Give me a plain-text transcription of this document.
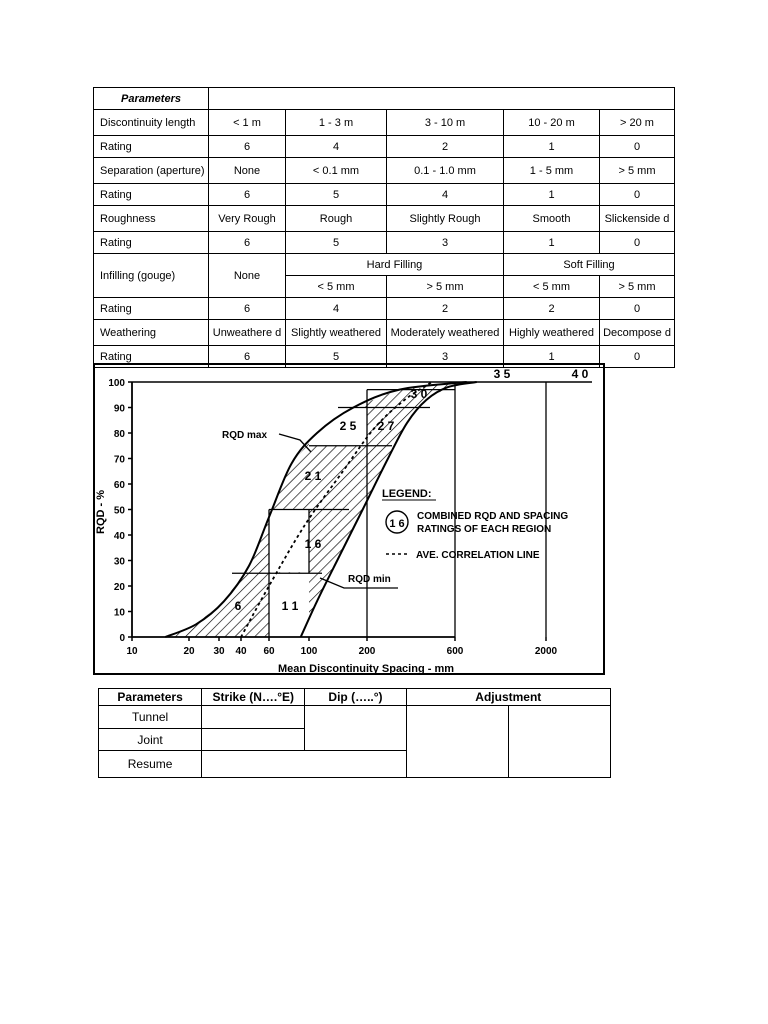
Parameters					
Discontinuity length	< 1 m	1 - 3 m	3 - 10 m	10 - 20 m	> 20 m
Rating	6	4	2	1	0
Separation (aperture)	None	< 0.1 mm	0.1 - 1.0 mm	1 - 5 mm	> 5 mm
Rating	6	5	4	1	0
Roughness	Very Rough	Rough	Slightly Rough	Smooth	Slickenside d
Rating	6	5	3	1	0
Infilling (gouge)	None	Hard Filling		Soft Filling	
		< 5 mm	> 5 mm	< 5 mm	> 5 mm
Rating	6	4	2	2	0
Weathering	Unweathere d	Slightly weathered	Moderately weathered	Highly weathered	Decompose d
Rating	6	5	3	1	0
0
10
20
30
40
50
60
70
80
90
100
10	20 30 40 60	100	200	600	2000
Mean Discontinuity Spacing - mm
RQD - %
6	1 1
1 6
2 1
2 5 2 7
3 0
3 5	4 0
RQD max
RQD min
LEGEND:
1 6
COMBINED RQD AND SPACING
RATINGS OF EACH REGION
AVE. CORRELATION LINE
Parameters	Strike (N….°E)	Dip (…..°)	Adjustment	
Tunnel				
Joint				
Resume				
